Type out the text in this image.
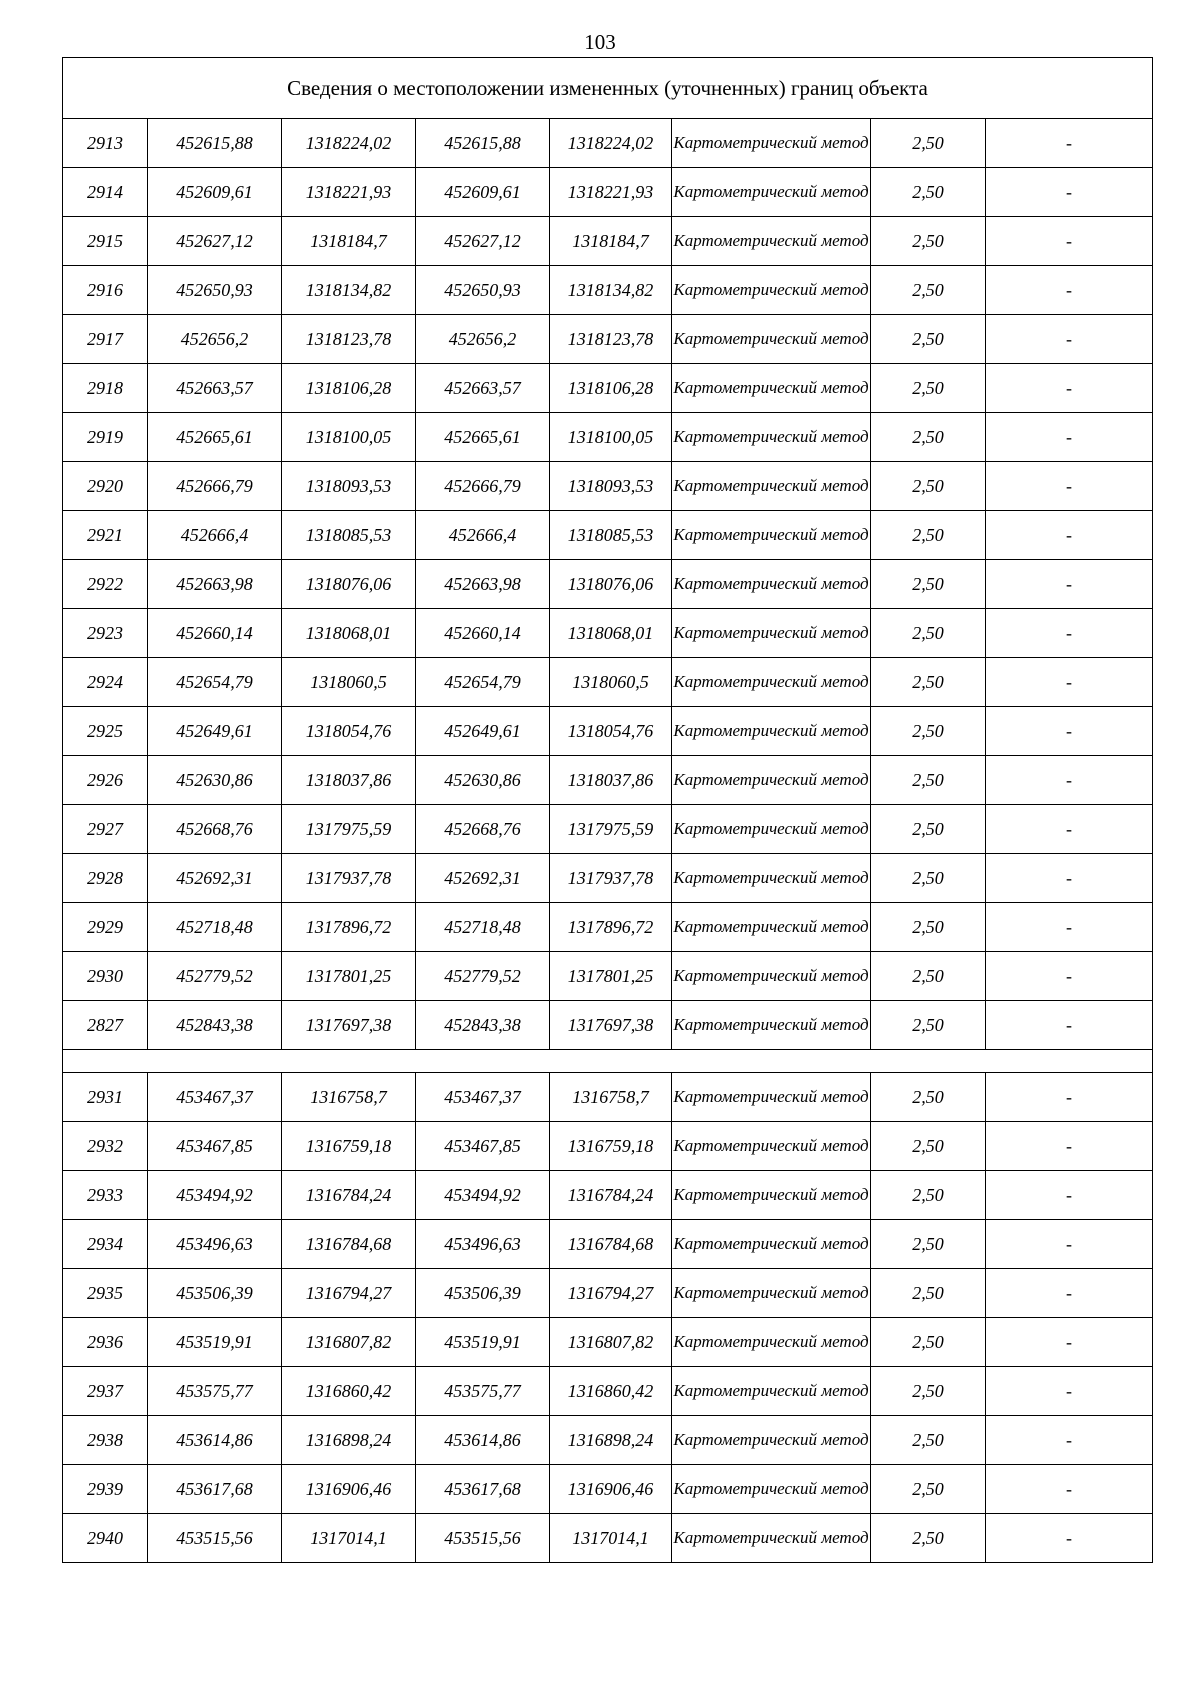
103
Сведения о местоположении измененных (уточненных) границ объекта							
2913	452615,88	1318224,02	452615,88	1318224,02	Картометрический метод	2,50	-
2914	452609,61	1318221,93	452609,61	1318221,93	Картометрический метод	2,50	-
2915	452627,12	1318184,7	452627,12	1318184,7	Картометрический метод	2,50	-
2916	452650,93	1318134,82	452650,93	1318134,82	Картометрический метод	2,50	-
2917	452656,2	1318123,78	452656,2	1318123,78	Картометрический метод	2,50	-
2918	452663,57	1318106,28	452663,57	1318106,28	Картометрический метод	2,50	-
2919	452665,61	1318100,05	452665,61	1318100,05	Картометрический метод	2,50	-
2920	452666,79	1318093,53	452666,79	1318093,53	Картометрический метод	2,50	-
2921	452666,4	1318085,53	452666,4	1318085,53	Картометрический метод	2,50	-
2922	452663,98	1318076,06	452663,98	1318076,06	Картометрический метод	2,50	-
2923	452660,14	1318068,01	452660,14	1318068,01	Картометрический метод	2,50	-
2924	452654,79	1318060,5	452654,79	1318060,5	Картометрический метод	2,50	-
2925	452649,61	1318054,76	452649,61	1318054,76	Картометрический метод	2,50	-
2926	452630,86	1318037,86	452630,86	1318037,86	Картометрический метод	2,50	-
2927	452668,76	1317975,59	452668,76	1317975,59	Картометрический метод	2,50	-
2928	452692,31	1317937,78	452692,31	1317937,78	Картометрический метод	2,50	-
2929	452718,48	1317896,72	452718,48	1317896,72	Картометрический метод	2,50	-
2930	452779,52	1317801,25	452779,52	1317801,25	Картометрический метод	2,50	-
2827	452843,38	1317697,38	452843,38	1317697,38	Картометрический метод	2,50	-

2931	453467,37	1316758,7	453467,37	1316758,7	Картометрический метод	2,50	-
2932	453467,85	1316759,18	453467,85	1316759,18	Картометрический метод	2,50	-
2933	453494,92	1316784,24	453494,92	1316784,24	Картометрический метод	2,50	-
2934	453496,63	1316784,68	453496,63	1316784,68	Картометрический метод	2,50	-
2935	453506,39	1316794,27	453506,39	1316794,27	Картометрический метод	2,50	-
2936	453519,91	1316807,82	453519,91	1316807,82	Картометрический метод	2,50	-
2937	453575,77	1316860,42	453575,77	1316860,42	Картометрический метод	2,50	-
2938	453614,86	1316898,24	453614,86	1316898,24	Картометрический метод	2,50	-
2939	453617,68	1316906,46	453617,68	1316906,46	Картометрический метод	2,50	-
2940	453515,56	1317014,1	453515,56	1317014,1	Картометрический метод	2,50	-
